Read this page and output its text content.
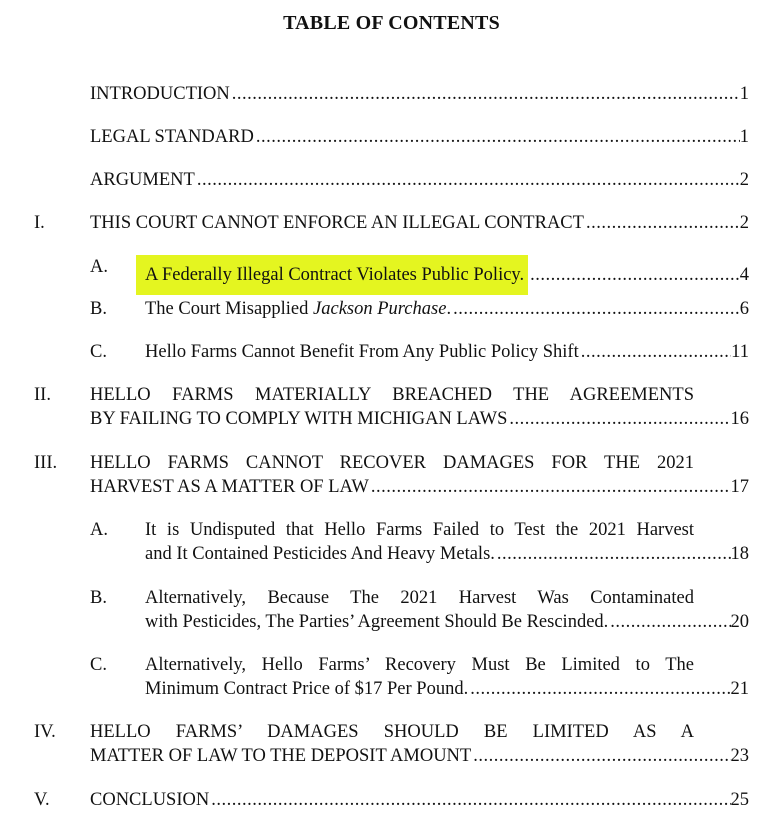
TABLE OF CONTENTS
INTRODUCTION .....	1
LEGAL STANDARD .....	1
ARGUMENT .....	2
I. THIS COURT CANNOT ENFORCE AN ILLEGAL CONTRACT .....	2
A.	A Federally Illegal Contract Violates Public Policy. .....	4
B. The Court Misapplied
Jackson Purchase . .....	6
C. Hello Farms Cannot Benefit From Any Public Policy Shift .....	11
II. HELLO FARMS MATERIALLY BREACHED THE AGREEMENTS
BY FAILING TO COMPLY WITH MICHIGAN LAWS .....	16
III. HELLO FARMS CANNOT RECOVER DAMAGES FOR THE 2021
HARVEST AS A MATTER OF LAW .....	17
A. It is Undisputed that Hello Farms Failed to Test the 2021 Harvest
and It Contained Pesticides And Heavy Metals. .....	18
B. Alternatively, Because The 2021 Harvest Was Contaminated
with Pesticides, The Parties’ Agreement Should Be Rescinded. .....	20
C. Alternatively, Hello Farms’ Recovery Must Be Limited to The
Minimum Contract Price of $17 Per Pound. .....	21
IV. HELLO FARMS’ DAMAGES SHOULD BE LIMITED AS A
MATTER OF LAW TO THE DEPOSIT AMOUNT .....	23
V. CONCLUSION .....	25
